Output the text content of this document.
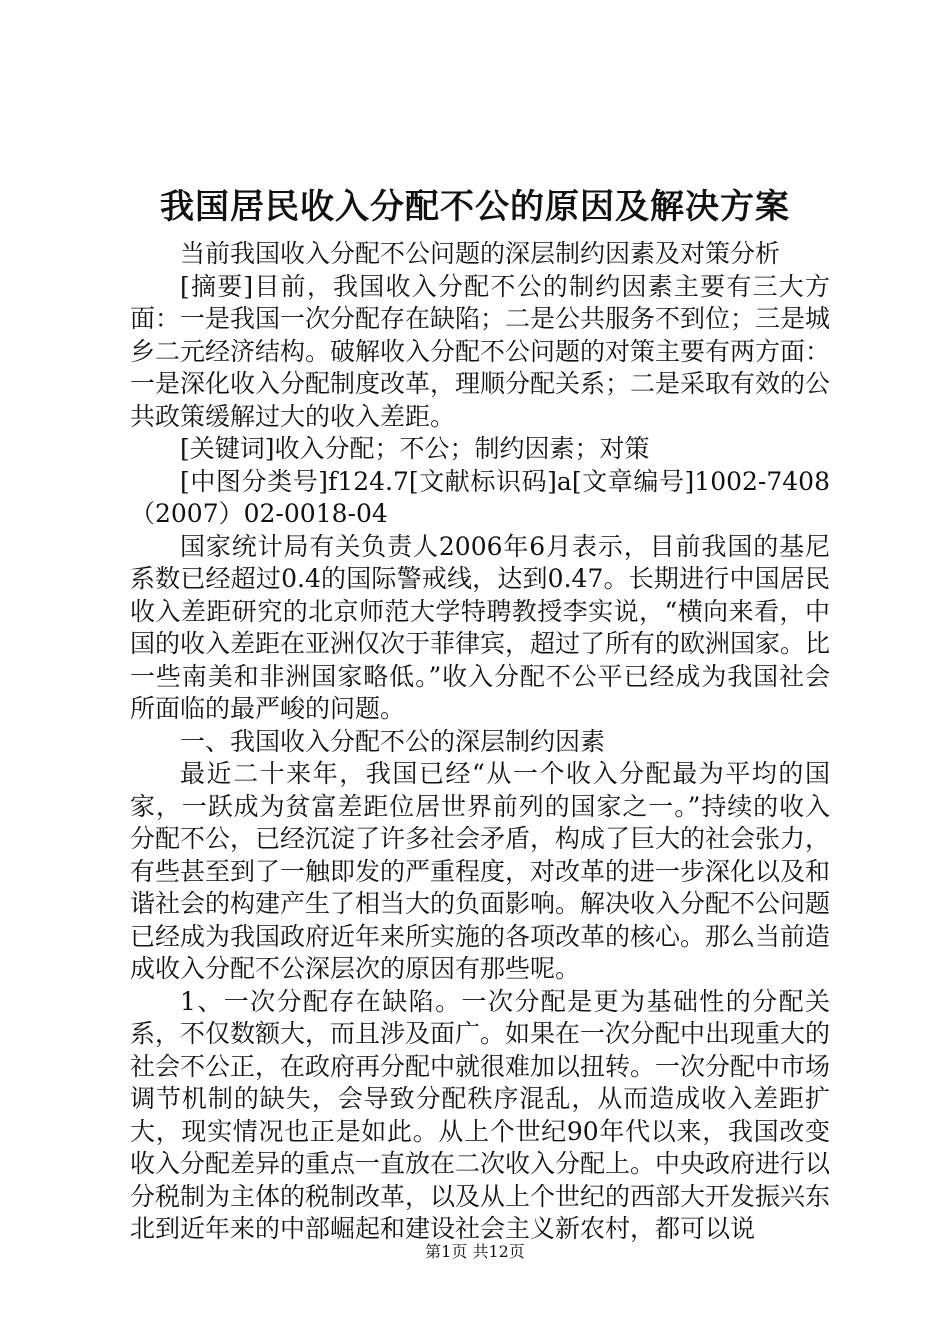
我国居民收入分配不公的原因及解决方案

当前我国收入分配不公问题的深层制约因素及对策分析

[摘要]目前，我国收入分配不公的制约因素主要有三大方面：一是我国一次分配存在缺陷；二是公共服务不到位；三是城乡二元经济结构。破解收入分配不公问题的对策主要有两方面：一是深化收入分配制度改革，理顺分配关系；二是采取有效的公共政策缓解过大的收入差距。

[关键词]收入分配；不公；制约因素；对策

[中图分类号]f124.7[文献标识码]a[文章编号]1002-7408（2007）02-0018-04

国家统计局有关负责人2006年6月表示，目前我国的基尼系数已经超过0.4的国际警戒线，达到0.47。长期进行中国居民收入差距研究的北京师范大学特聘教授李实说，“横向来看，中国的收入差距在亚洲仅次于菲律宾，超过了所有的欧洲国家。比一些南美和非洲国家略低。”收入分配不公平已经成为我国社会所面临的最严峻的问题。

一、我国收入分配不公的深层制约因素

最近二十来年，我国已经“从一个收入分配最为平均的国家，一跃成为贫富差距位居世界前列的国家之一。”持续的收入分配不公，已经沉淀了许多社会矛盾，构成了巨大的社会张力，有些甚至到了一触即发的严重程度，对改革的进一步深化以及和谐社会的构建产生了相当大的负面影响。解决收入分配不公问题已经成为我国政府近年来所实施的各项改革的核心。那么当前造成收入分配不公深层次的原因有那些呢。

1、一次分配存在缺陷。一次分配是更为基础性的分配关系，不仅数额大，而且涉及面广。如果在一次分配中出现重大的社会不公正，在政府再分配中就很难加以扭转。一次分配中市场调节机制的缺失，会导致分配秩序混乱，从而造成收入差距扩大，现实情况也正是如此。从上个世纪90年代以来，我国改变收入分配差异的重点一直放在二次收入分配上。中央政府进行以分税制为主体的税制改革，以及从上个世纪的西部大开发振兴东北到近年来的中部崛起和建设社会主义新农村，都可以说

第1页 共12页
